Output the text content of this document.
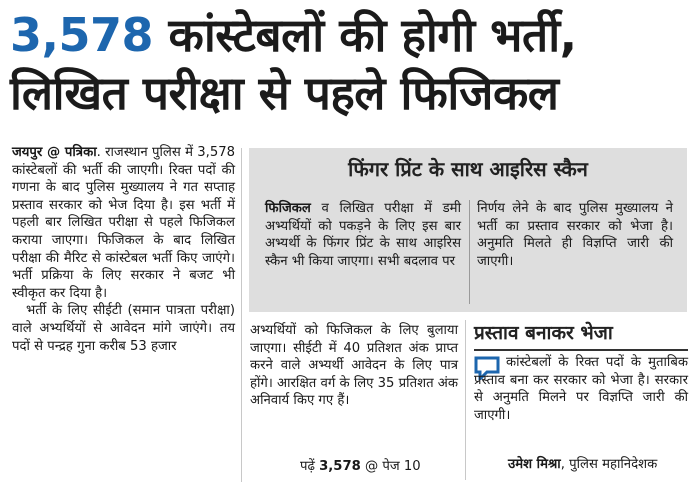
3,578 कांस्टेबलों की होगी भर्ती,
लिखित परीक्षा से पहले फिजिकल

जयपुर @ पत्रिका. राजस्थान पुलिस में 3,578 कांस्टेबलों की भर्ती की जाएगी। रिक्त पदों की गणना के बाद पुलिस मुख्यालय ने गत सप्ताह प्रस्ताव सरकार को भेज दिया है। इस भर्ती में पहली बार लिखित परीक्षा से पहले फिजिकल कराया जाएगा। फिजिकल के बाद लिखित परीक्षा की मैरिट से कांस्टेबल भर्ती किए जाएंगे। भर्ती प्रक्रिया के लिए सरकार ने बजट भी स्वीकृत कर दिया है।

भर्ती के लिए सीईटी (समान पात्रता परीक्षा) वाले अभ्यर्थियों से आवेदन मांगे जाएंगे। तय पदों से पन्द्रह गुना करीब 53 हजार

फिंगर प्रिंट के साथ आइरिस स्कैन
फिजिकल व लिखित परीक्षा में डमी अभ्यर्थियों को पकड़ने के लिए इस बार अभ्यर्थी के फिंगर प्रिंट के साथ आइरिस स्कैन भी किया जाएगा। सभी बदलाव पर
निर्णय लेने के बाद पुलिस मुख्यालय ने भर्ती का प्रस्ताव सरकार को भेजा है। अनुमति मिलते ही विज्ञप्ति जारी की जाएगी।
अभ्यर्थियों को फिजिकल के लिए बुलाया जाएगा। सीईटी में 40 प्रतिशत अंक प्राप्त करने वाले अभ्यर्थी आवेदन के लिए पात्र होंगे। आरक्षित वर्ग के लिए 35 प्रतिशत अंक अनिवार्य किए गए हैं।
पढ़ें 3,578 @ पेज 10
प्रस्ताव बनाकर भेजा
कांस्टेबलों के रिक्त पदों के मुताबिक प्रस्ताव बना कर सरकार को भेजा है। सरकार से अनुमति मिलने पर विज्ञप्ति जारी की जाएगी।
उमेश मिश्रा, पुलिस महानिदेशक
